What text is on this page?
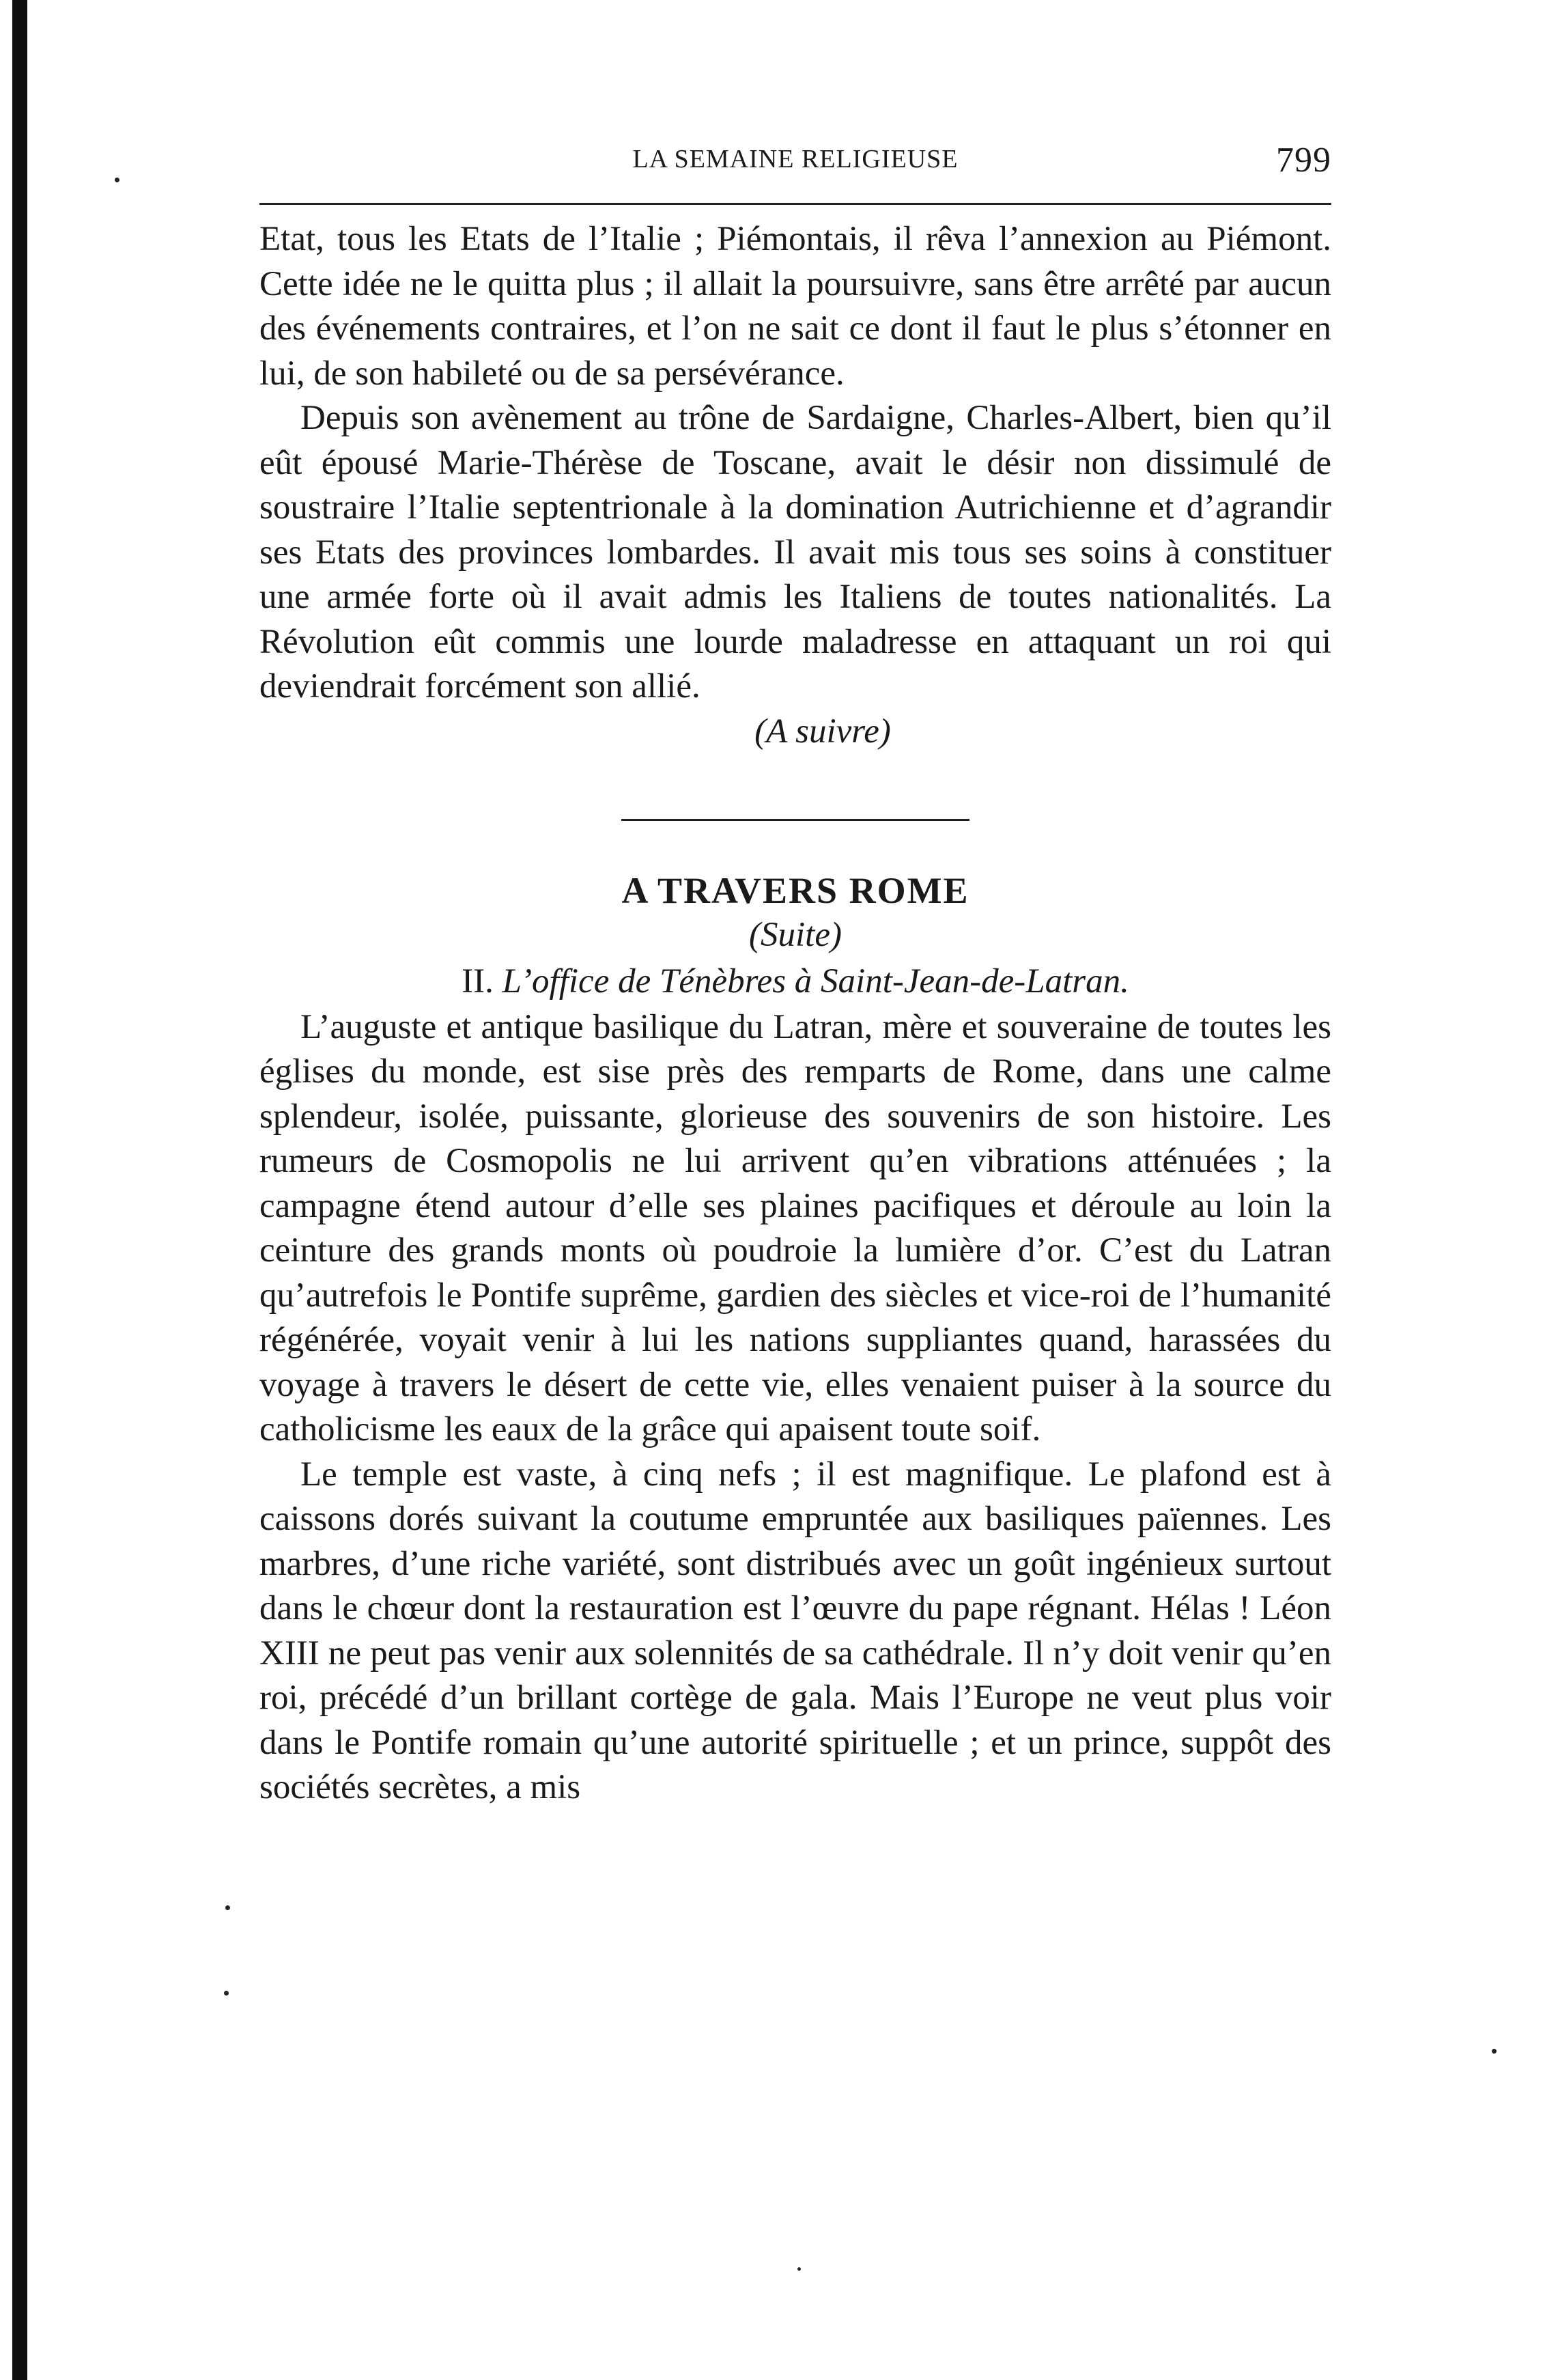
LA SEMAINE RELIGIEUSE	799

Etat, tous les Etats de l’Italie ; Piémontais, il rêva l’annexion au Piémont. Cette idée ne le quitta plus ; il allait la poursuivre, sans être arrêté par aucun des événements contraires, et l’on ne sait ce dont il faut le plus s’étonner en lui, de son habileté ou de sa persévérance.

Depuis son avènement au trône de Sardaigne, Charles-Albert, bien qu’il eût épousé Marie-Thérèse de Toscane, avait le désir non dissimulé de soustraire l’Italie septentrionale à la domination Autrichienne et d’agrandir ses Etats des provinces lombardes. Il avait mis tous ses soins à constituer une armée forte où il avait admis les Italiens de toutes nationalités. La Révolution eût commis une lourde maladresse en attaquant un roi qui deviendrait forcément son allié.

(A suivre)

A TRAVERS ROME

(Suite)

II. L’office de Ténèbres à Saint-Jean-de-Latran.

L’auguste et antique basilique du Latran, mère et souveraine de toutes les églises du monde, est sise près des remparts de Rome, dans une calme splendeur, isolée, puissante, glorieuse des souvenirs de son histoire. Les rumeurs de Cosmopolis ne lui arrivent qu’en vibrations atténuées ; la campagne étend autour d’elle ses plaines pacifiques et déroule au loin la ceinture des grands monts où poudroie la lumière d’or. C’est du Latran qu’autrefois le Pontife suprême, gardien des siècles et vice-roi de l’humanité régénérée, voyait venir à lui les nations suppliantes quand, harassées du voyage à travers le désert de cette vie, elles venaient puiser à la source du catholicisme les eaux de la grâce qui apaisent toute soif.

Le temple est vaste, à cinq nefs ; il est magnifique. Le plafond est à caissons dorés suivant la coutume empruntée aux basiliques païennes. Les marbres, d’une riche variété, sont distribués avec un goût ingénieux surtout dans le chœur dont la restauration est l’œuvre du pape régnant. Hélas ! Léon XIII ne peut pas venir aux solennités de sa cathédrale. Il n’y doit venir qu’en roi, précédé d’un brillant cortège de gala. Mais l’Europe ne veut plus voir dans le Pontife romain qu’une autorité spirituelle ; et un prince, suppôt des sociétés secrètes, a mis
